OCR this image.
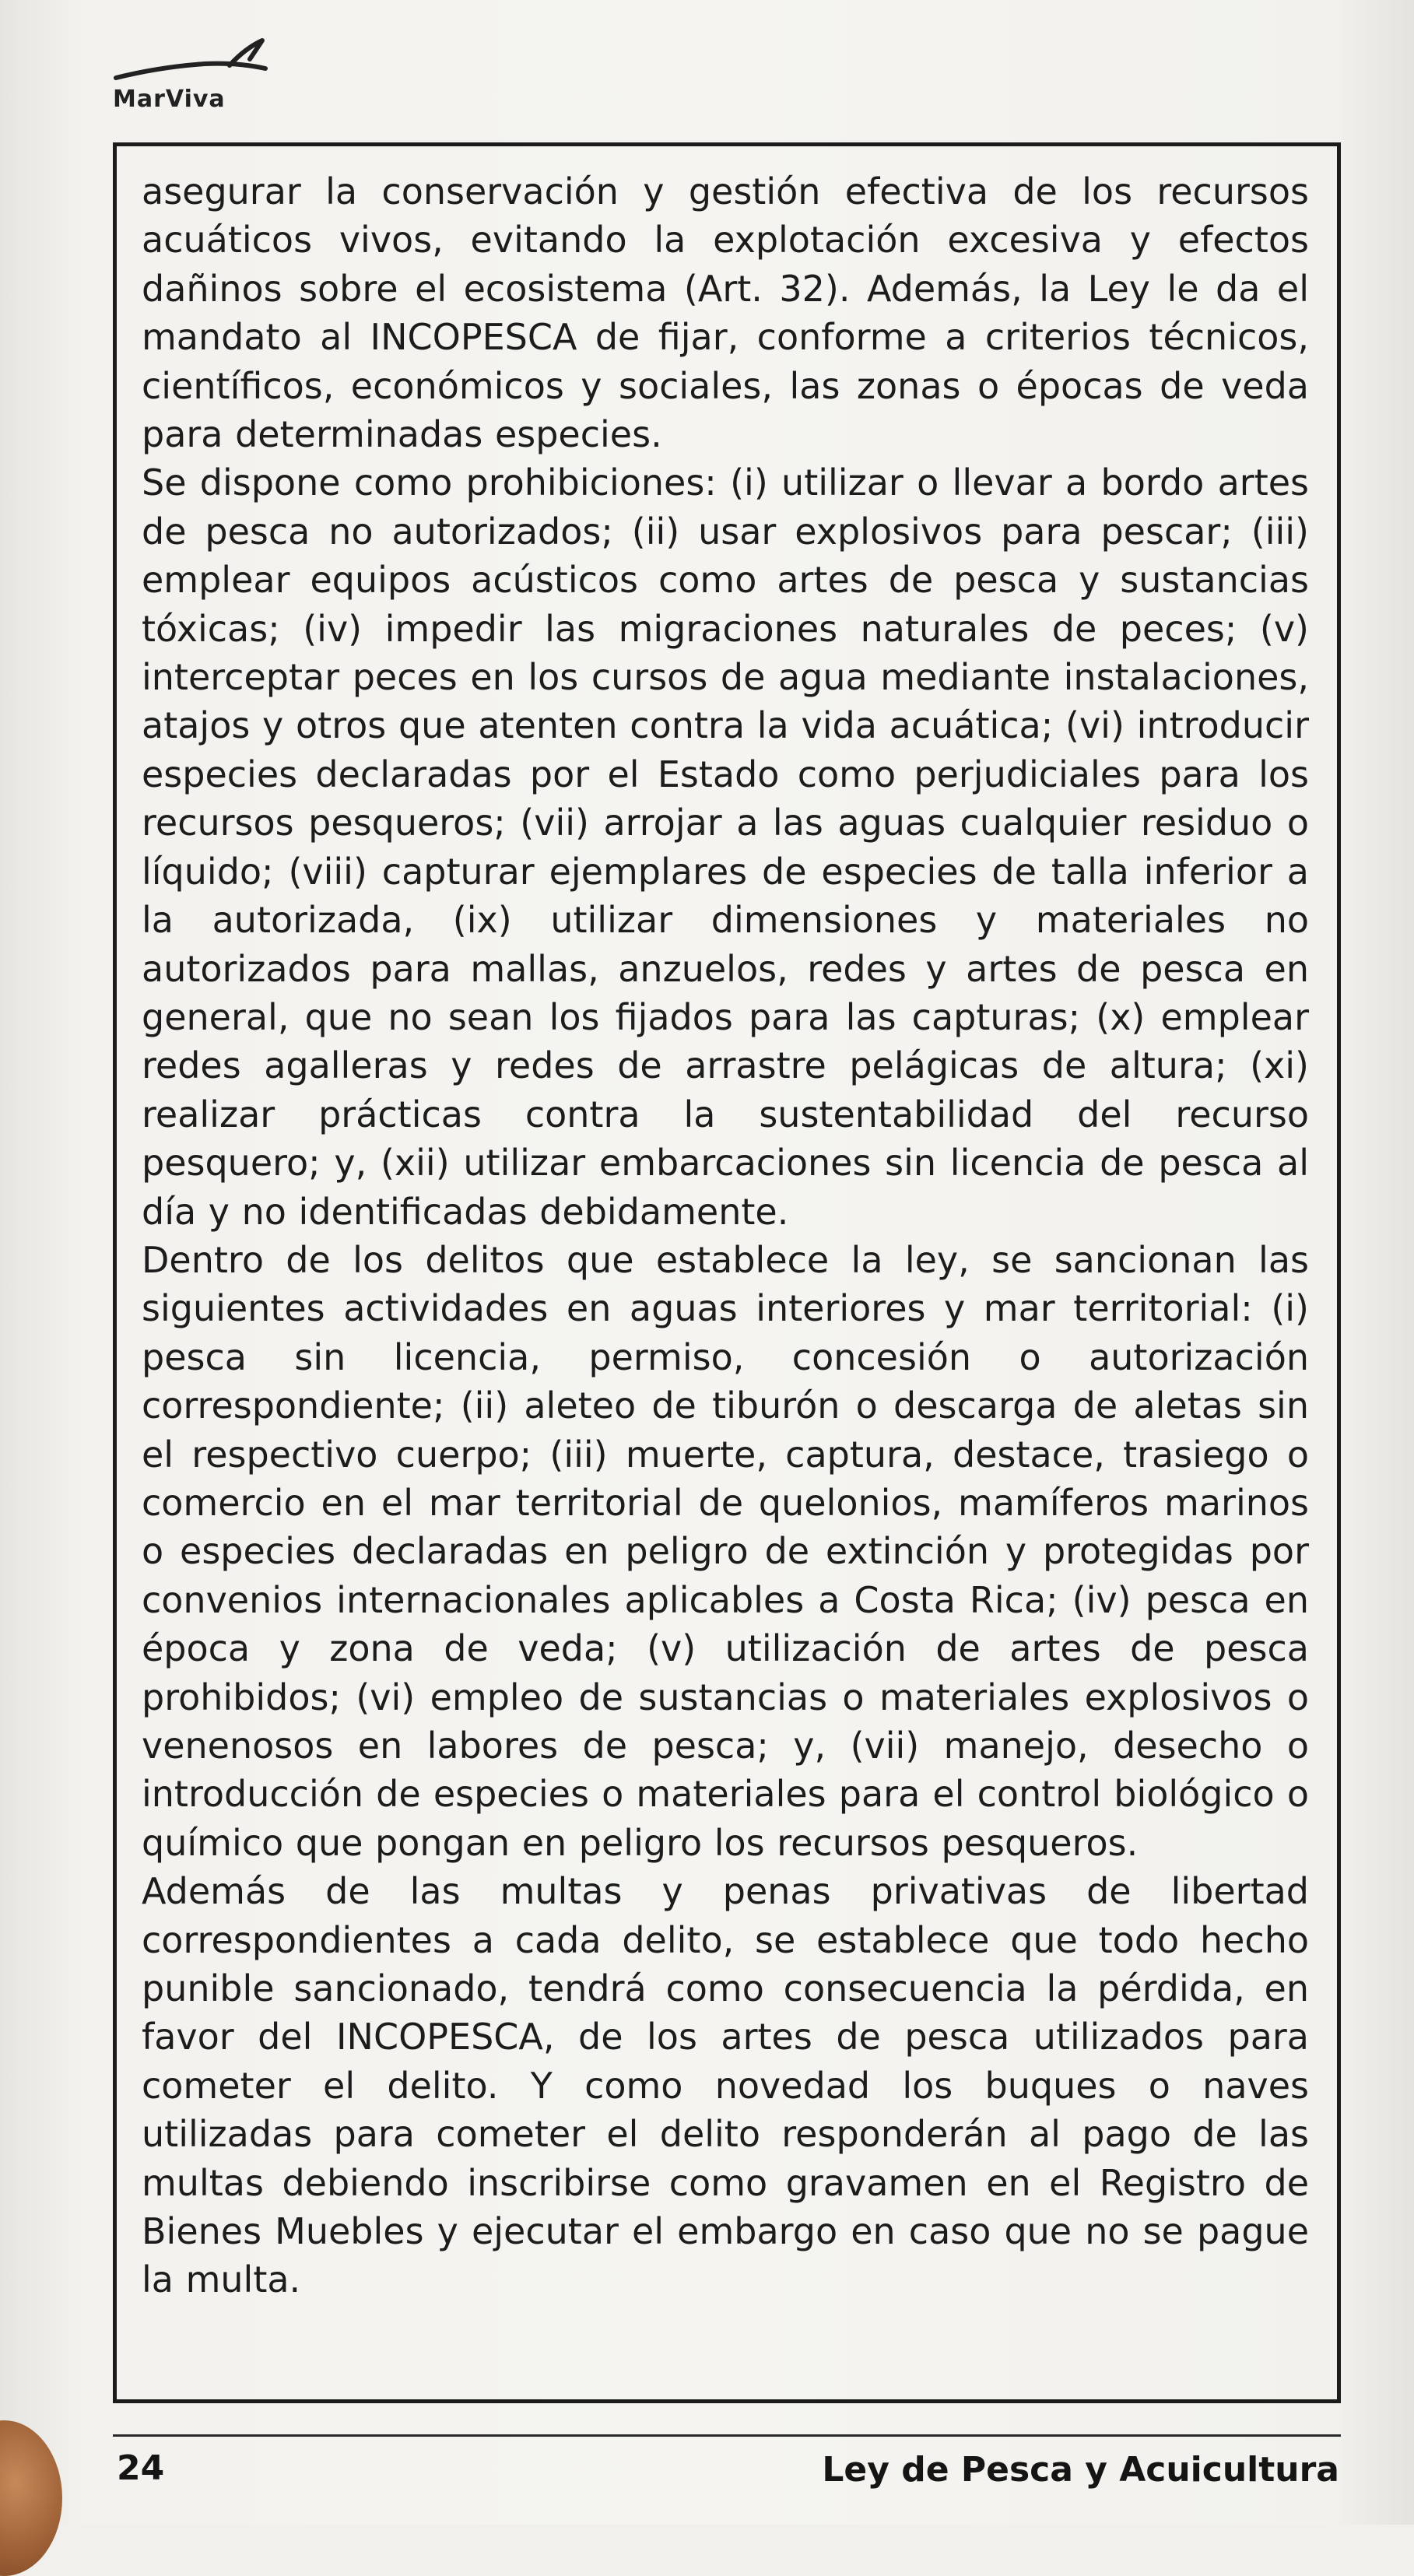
MarViva

asegurar la conservación y gestión efectiva de los recursos acuáticos vivos, evitando la explotación excesiva y efectos dañinos sobre el ecosistema (Art. 32). Además, la Ley le da el mandato al INCOPESCA de fijar, conforme a criterios técnicos, científicos, económicos y sociales, las zonas o épocas de veda para determinadas especies.

Se dispone como prohibiciones: (i) utilizar o llevar a bordo artes de pesca no autorizados; (ii) usar explosivos para pescar; (iii) emplear equipos acústicos como artes de pesca y sustancias tóxicas; (iv) impedir las migraciones naturales de peces; (v) interceptar peces en los cursos de agua mediante instalaciones, atajos y otros que atenten contra la vida acuática; (vi) introducir especies declaradas por el Estado como perjudiciales para los recursos pesqueros; (vii) arrojar a las aguas cualquier residuo o líquido; (viii) capturar ejemplares de especies de talla inferior a la autorizada, (ix) utilizar dimensiones y materiales no autorizados para mallas, anzuelos, redes y artes de pesca en general, que no sean los fijados para las capturas; (x) emplear redes agalleras y redes de arrastre pelágicas de altura; (xi) realizar prácticas contra la sustentabilidad del recurso pesquero; y, (xii) utilizar embarcaciones sin licencia de pesca al día y no identificadas debidamente.

Dentro de los delitos que establece la ley, se sancionan las siguientes actividades en aguas interiores y mar territorial: (i) pesca sin licencia, permiso, concesión o autorización correspondiente; (ii) aleteo de tiburón o descarga de aletas sin el respectivo cuerpo; (iii) muerte, captura, destace, trasiego o comercio en el mar territorial de quelonios, mamíferos marinos o especies declaradas en peligro de extinción y protegidas por convenios internacionales aplicables a Costa Rica; (iv) pesca en época y zona de veda; (v) utilización de artes de pesca prohibidos; (vi) empleo de sustancias o materiales explosivos o venenosos en labores de pesca; y, (vii) manejo, desecho o introducción de especies o materiales para el control biológico o químico que pongan en peligro los recursos pesqueros.

Además de las multas y penas privativas de libertad correspondientes a cada delito, se establece que todo hecho punible sancionado, tendrá como consecuencia la pérdida, en favor del INCOPESCA, de los artes de pesca utilizados para cometer el delito. Y como novedad los buques o naves utilizadas para cometer el delito responderán al pago de las multas debiendo inscribirse como gravamen en el Registro de Bienes Muebles y ejecutar el embargo en caso que no se pague la multa.

24	Ley de Pesca y Acuicultura
